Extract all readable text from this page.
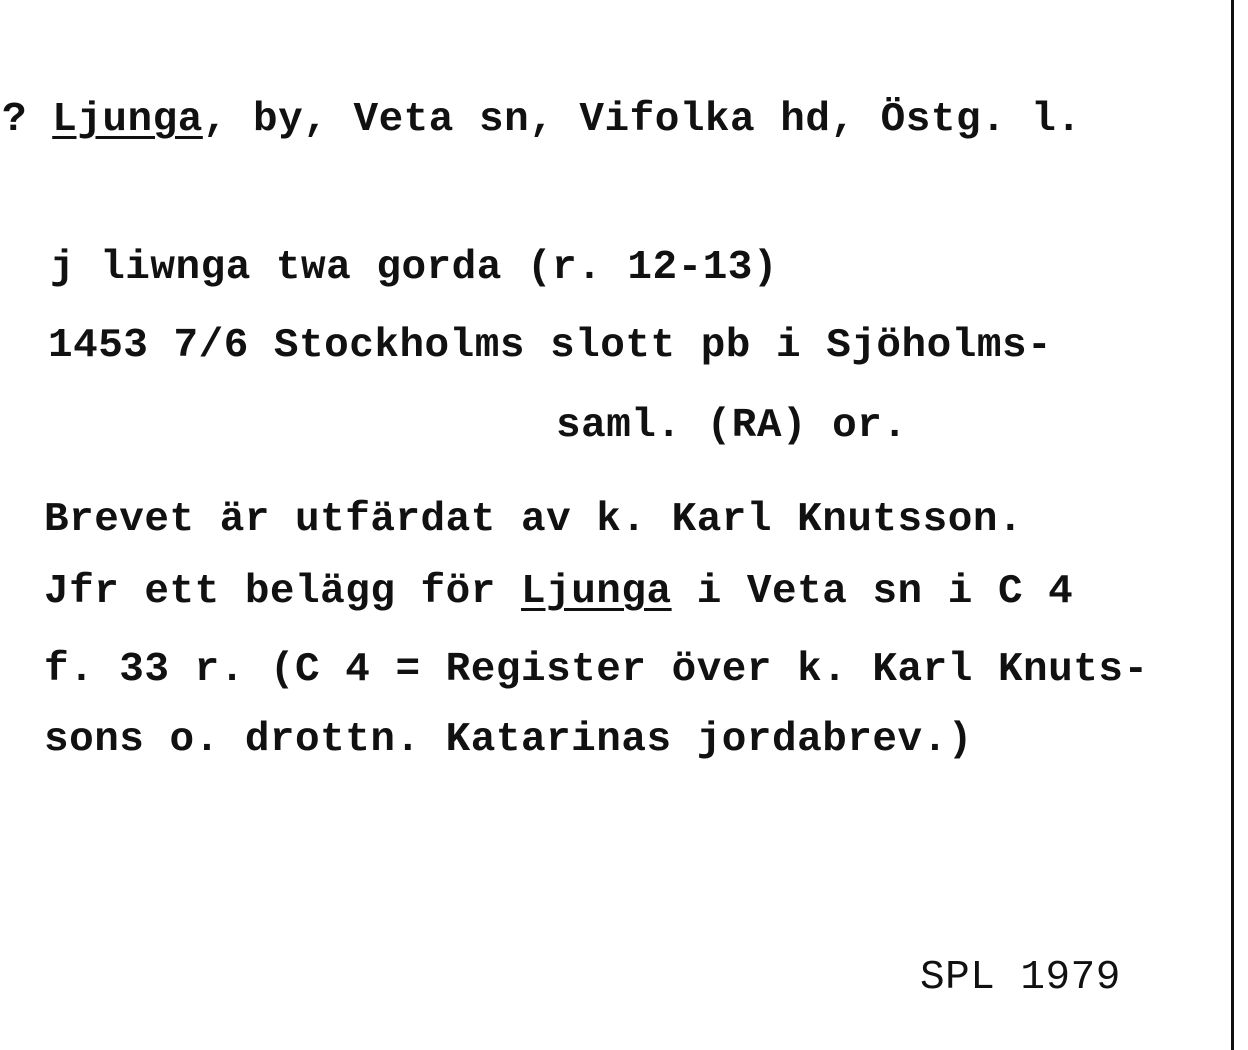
? Ljunga, by, Veta sn, Vifolka hd, Östg. l.
j liwnga twa gorda (r. 12-13)
1453 7/6 Stockholms slott pb i Sjöholms-
saml. (RA) or.
Brevet är utfärdat av k. Karl Knutsson.
Jfr ett belägg för Ljunga i Veta sn i C 4
f. 33 r. (C 4 = Register över k. Karl Knuts-
sons o. drottn. Katarinas jordabrev.)
SPL 1979
